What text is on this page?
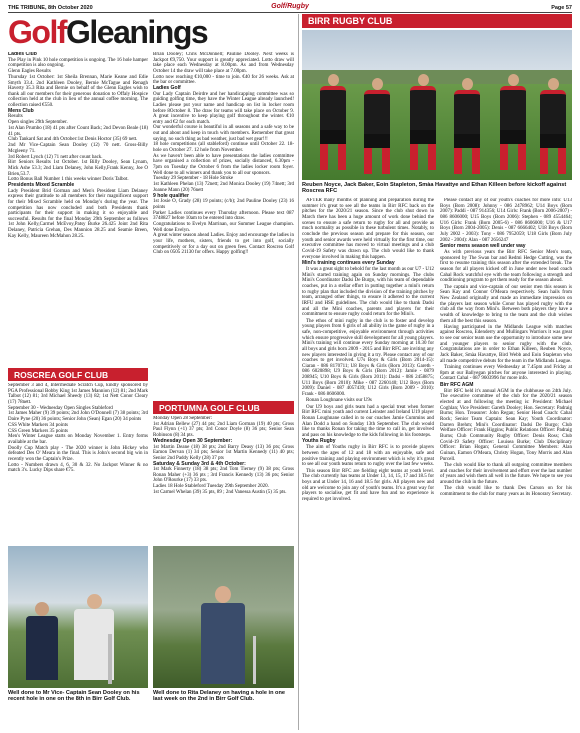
THE TRIBUNE, 8th October 2020	Golf/Rugby	Page 57
GolfGleanings

Ladies Club

The Play in Pink 10 hole competition is ongoing. The 16 hole hamper competition is also ongoing.

Glenn Eagles Results

Thursday 1st October: 1st Sheila Brennan, Marie Keane and Edie Smyth 33.4. 2nd Kathleen Dooley, Bernie McTague and Renagh Haverty 35.3 Rita and Bernie on behalf of the Glenn Eagles wish to thank all our members for their generous donation to Offaly Hospice collection held at the club in lieu of the annual coffee morning. The collection raised €550.

Mens Club

Results

Open singles 29th September.

1st Alan Prumbo (18) 41 pts after Count Back; 2nd Devon Beale (18) 41 pts.

Club Tankard Sat and 4th October:1st Denis Hoctor (35) 69 nett.

2nd Mr Vice-Captain Sean Dooley (12) 70 nett. Gross-Billy Mcgleeny 71.

3rd Robert Lynch (12) 71 nett after count back.

Birr Seniors Results 1st October. 1st Billy Dooley, Sean Lynam, Mick Ashe 53.3; 2nd Liam Delaney, John Kelly,Frank Kenny, Joe O Brien,53.7.

Lotto Bonus Ball Number 1 this weeks winner Doris Talbot.

Presidents Mixed Scramble

Lady President Brid Gorman and Men's President Liam Delaney express their gratitude to all members for their magnificent support for their Mixed Scramble held on Monday's during the year. The competition has now concluded and both Presidents thank participants for their support in making it so enjoyable and successful. Results for the final Monday 29th September as follows 1st John Kelly,Carmel McEvoy,Patsy Burke 26.425 Joint 2nd Rita Delaney, Patricia Grehan, Des Mannion 28.25 and Seamie Breen, Kay Kelly, Maureen McMahon 28.25.

Brian Dooley; Chris McDonnell; Pauline Dooley. Next weeks is Jackpot €9,750. Your support is greatly appreciated. Lotto draw will take place each Wednesday at 8.00pm. As and from Wednesday October 14 the draw will take place at 7.00pm.

Lotto now reaching €10,000 - time to join. €40 for 26 weeks. Ask at the bar or committee.

Ladies Golf

Our Lady Captain Deirdre and her handicapping committee was so guiding golfing time, they have the Winter League already launched! Ladies please put your name and handicap on list in locker room before 8October 8. The draw for teams will take place on October 9. A great incentive to keep playing golf throughout the winter. €10 entry and €2 for each match.

Our wonderful course is beautiful in all seasons and a safe way to be out and about and keep in touch with members. Remember that great saying, no such thing as bad weather, just bad wet gear!!!

18 hole competitions (all stableford) continue until October 22. 18-hole on October 27. 12 hole from November.

As we haven't been able to have presentations the ladies committee have organised a collection of prizes, socially distanced, 6.30pm - 7pm on Tuesday the October 6 from the ladies locker room foyer. Well done to all winners and thank you to all our sponsors.

Tuesday 29 September - 18 Hole Stroke

1st Kathleen Phelan (13) 72nett; 2nd Monica Dooley (19) 74nett; 3rd Joanne Mann (20) 76nett

9 hole qualifier

1st Josie O, Grady (28) 19 points; (c/b); 2nd Pauline Dooley (23) 16 points

Parker Ladies continues every Thursday afternoon. Please text 087 3748827 before 10am to be entered into draw.

Congratulations to Evelyn Marrinan, our Summer League champion. Well done Evelyn.

A great winter season ahead Ladies. Enjoy and encourage the ladies in your life, mothers, sisters, friends to get into golf, socially competitively or for a day out on green fees. Contact Roscrea Golf Club on 0505 21130 for offers. Happy golfing!!

ROSCREA GOLF CLUB

September 3 and 4, Intermediate Scratch Cup, kindly sponsored by PGA Professional Bobby King 1st James Mannion (12) 81; 2nd Mark Talbot (12) 81; 3rd Michael Sheedy (13) 82; 1st Nett Conor Cleary (17) 78nett.

September 30 - Wednesday Open Singles Stableford

1st James Maher (9) 39 points; 2nd John O'Donnell (7) 38 points; 3rd Daire Pyne (20) 36 points; Senior John (Sean) Egan (20) 34 points

CSS White Markers 34 points

CSS Green Markers 35 points

Men's Winter League starts on Monday November 1. Entry forms available at the bar.

Doolly Cup Match play - The 2020 winner is John Hickey who defeated Des O' Meara in the final. This is John's second big win in recently won the Captain's Prize.

Lotto - Numbers drawn 4, 6, 30 & 32. No Jackpot Winner & no match 3's. Lucky Dips share €75.

PORTUMNA GOLF CLUB

Monday Open 28 September:

1st Adrian Bellew (27) 44 pts; 2nd Liam Gorman (19) 40 pts; Gross Paul Flynn (+1) 37 pts; 3rd Conor Doyle (8) 36 pts; Senior Sean Robinson (8) 34 pts.

Wednesday Open 30 September:

1st Martin Deane (18) 38 pts; 2nd Barry Deasy (13) 36 pts; Gross Eamon Dervan (1) 34 pts; Senior 1st Martin Kennedy (11) 40 pts; Senior 2nd Paddy Kelly (28) 37 pts

Saturday & Sunday 3rd & 4th October:

1st Mark Finnerty (18) 38 pts; 2nd Tom Tierney (9) 38 pts; Gross Ronan Maher (+3) 36 pts ; 3rd Francis Kennedy (13) 36 pts; Senior John O'Rourke (17) 33 pts.

Ladies 18 Hole Stableford Tuesday 29th September 2020.

1st Carmel Whelan (39) 35 pts, 89 ; 2nd Vanessa Austin (5) 35 pts.

Well done to Mr Vice- Captain Sean Dooley on his recent hole in one on the 8th in Birr Golf Club.
Well done to Rita Delaney on having a hole in one last week on the 2nd in Birr Golf Club.
BIRR RUGBY CLUB
Reuben Noyce, Jack Baker, Eoin Stapleton, Smàa Havattye and Ethan Killeen before kickoff against Roscrea RFC

AFTER many months of planning and preparation during the summer it's great to see all the teams in Birr RFC back on the pitches for the 2020/21 season. Since the club shut down in March there has been a huge amount of work done behind the scenes to ensure a safe return to rugby for all and provide as much normality as possible in these turbulent times. Notably, to conclude the previous season and prepare for this season, our youth and senior awards were held virtually for the first time, our executive committee has moved to virtual meetings and a club Covid-19 Safety was drawn up. The club would like to thank everyone involved in making this happen.

Mini's training continues every Sunday

It was a great sight to behold for the last month as our U7 - U12 Mini's started training again on Sunday mornings. The clubs Mini's Coordinator Dadsi De Burgo, with his team of dependable coaches, put in a stellar effort in putting together a mini's return to rugby plan that included the division of the training pitches by team, arranged other things, to ensure it adhered to the current IRFU and HSE guidelines. The club would like to thank Dadsi and all the Mini coaches, parents and players for their commitment to ensure rugby could return for the Mini's.

The ethos of mini rugby in the club is to foster and develop young players from 6 girls of all ability in the game of rugby in a safe, non-competitive, enjoyable environment through activities which ensure progressive skill development for all young players. Mini's training will continue every Sunday morning at 10.30 for all boys and girls born 2009 - 2015 and Birr RFC are inviting any new players interested in giving it a try. Please contact any of our coaches to get involved. U7s Boys & Girls (Born 2014-15): Ciaran - 086 8170711; U8 Boys & Girls (Born 2013): Gareth - 086 6020898; U9 Boys & Girls (Born 2012): Jamie - 0879 208945; U10 Boys & Girls (Born 2011): Dadsi - 086 2458875; U11 Boys (Born 2010): Mike - 087 2260140; U12 Boys (Born 2009): Daniel - 087 4057439; U12 Girls (Born 2009 - 2010): Frank - 086 8606000.

Ronan Loughnane visits our U9s

Our U9 boys and girls team had a special treat when former Birr RFC mini youth and current Leinster and Ireland U19 player Ronan Loughnane called in to our coaches Jamie Cummins and Alan Dodd a hand on Sunday 13th September. The club would like to thanks Ronan for taking the time to call in, get involved and pass on his knowledge to the kids following in his footsteps.

Youths Rugby

The aim of Youths rugby in Birr RFC is to provide players between the ages of 12 and 18 with an enjoyable, safe and positive training and playing environment which is why it's great to see all our youth teams return to rugby over the last few weeks.

This season Birr RFC are fielding eight teams at youth level. The club currently has teams at Under 13, 14, 15, 17 and 18.5 for boys and at Under 14, 16 and 18.5 for girls. All players new and old are welcome to join any of youth's teams. It's a great way for players to socialise, get fit and have fun and no experience is required to get involved.

Please contact any of our youth's coaches for more info: U13 Boys (Born 2008): Johnny - 086 2478962; U14 Boys (Born 2007): Paddi - 087 914356; U14 Girls: Frank (Born 2006-2007) - 086 8606000; U15 Boys (Born 2006): Stephen - 089 4554464; U16 Girls: Frank (Born 2005-6) - 086 8606000; U16 & U17 Boys (Born 2004-2005): Denis - 087 6666402; U18 Boys (Born July 2002 - 2003): Tony - 086 7952059; U18 Girls (Born July 2002 - 2004): Alan - 087 2656247

Senior mens season well under way

As with previous years the Birr RFC Senior Men's team, sponsored by The Swan bar and Redmi Hedge Cutting, was the first to resume training this season after the extended break. The season for all players kicked off in June under new head coach Cahal Rock watchful eye with the team following a strength and conditioning program to get them ready for the season ahead.

The captain and vice-captain of our senior men this season is Sean Kay and Connor O'Meara respectively. Sean hails from New Zealand originally and made an immediate impression on the players last season while Conor has played rugby with the club all the way from Mini's. Between both players they have a wealth of knowledge to bring to the team and the club wishes them all the best this season.

Having participated in the Midlands League with matches against Roscrea, Edenderry and Mullingars Warriors it was great to see our senior team use the opportunity to introduce some new and younger players to senior rugby with the club. Congratulations are in order to Ethan Killeen, Reuben Noyce, Jack Baker, Smàa Havattye, Bird Webb and Eoin Stapleton who all made competitive debuts for the team in the Midlands League.

Training continues every Wednesday at 7.45pm and Friday at 8pm at our Ballyegan pitches for anyone interested in playing. Contact Cahal - 087 9603996 for more info.

Birr RFC AGM

Birr RFC held it's annual AGM in the clubhouse on 24th July. The executive committee of the club for the 2020/21 season elected at and following the meeting is: President: Michael Coghlan; Vice President: Gareth Dooley; Hon. Secretary: Padraig Burns; Hon. Treasurer: John Regan; Senior Head Coach: Cahal Rock; Senior Team Captain: Sean Kay; Youth Coordinator: Darren Brehm; Mini's Coordinator: Dadsi De Burgo; Club Welfare Officer: Frank Higgins; Public Relations Officer: Padraig Burns; Club Community Rugby Officer: Denis Ross; Club Covid-19 Safety Officer: Louisea Burke; Club Disciplinary Officer: Brian Hogan; General Committee Members: Alan Guinan, Eamon O'Meara, Christy Hogan, Tony Morris and Alan Purcell.

The club would like to thank all outgoing committee members and coaches for their involvement and effort over the last number of years and wish them all well in the future. We hope to see you around the club in the future.

The club would like to thank Des Carson on for his commitment to the club for many years as its Honorary Secretary.
